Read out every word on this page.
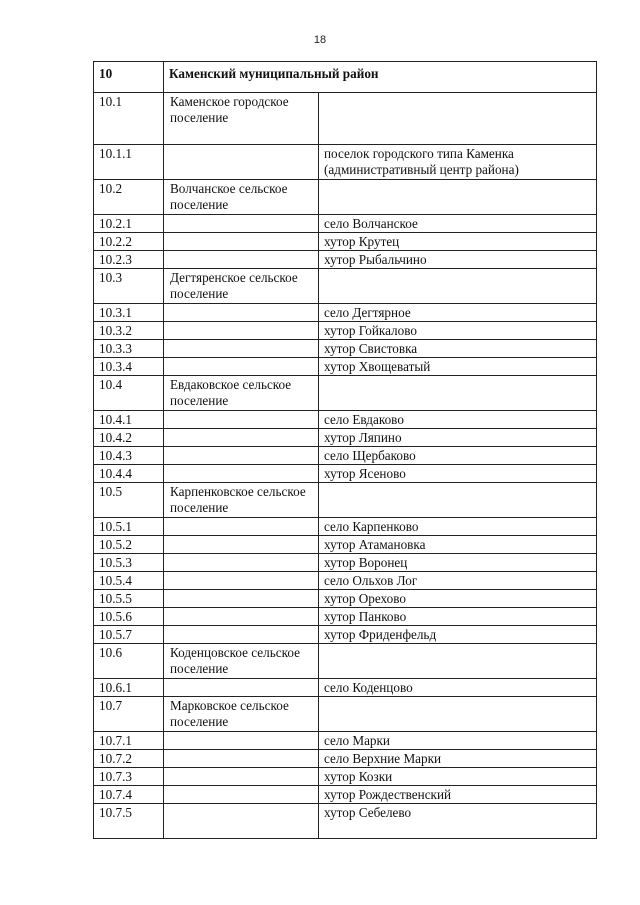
18
10	Каменский муниципальный район	
10.1	Каменское городское поселение	
10.1.1		поселок городского типа Каменка (административный центр района)
10.2	Волчанское сельское поселение	
10.2.1		село Волчанское
10.2.2		хутор Крутец
10.2.3		хутор Рыбальчино
10.3	Дегтяренское сельское поселение	
10.3.1		село Дегтярное
10.3.2		хутор Гойкалово
10.3.3		хутор Свистовка
10.3.4		хутор Хвощеватый
10.4	Евдаковское сельское поселение	
10.4.1		село Евдаково
10.4.2		хутор Ляпино
10.4.3		село Щербаково
10.4.4		хутор Ясеново
10.5	Карпенковское сельское поселение	
10.5.1		село Карпенково
10.5.2		хутор Атамановка
10.5.3		хутор Воронец
10.5.4		село Ольхов Лог
10.5.5		хутор Орехово
10.5.6		хутор Панково
10.5.7		хутор Фриденфельд
10.6	Коденцовское сельское поселение	
10.6.1		село Коденцово
10.7	Марковское сельское поселение	
10.7.1		село Марки
10.7.2		село Верхние Марки
10.7.3		хутор Козки
10.7.4		хутор Рождественский
10.7.5		хутор Себелево
